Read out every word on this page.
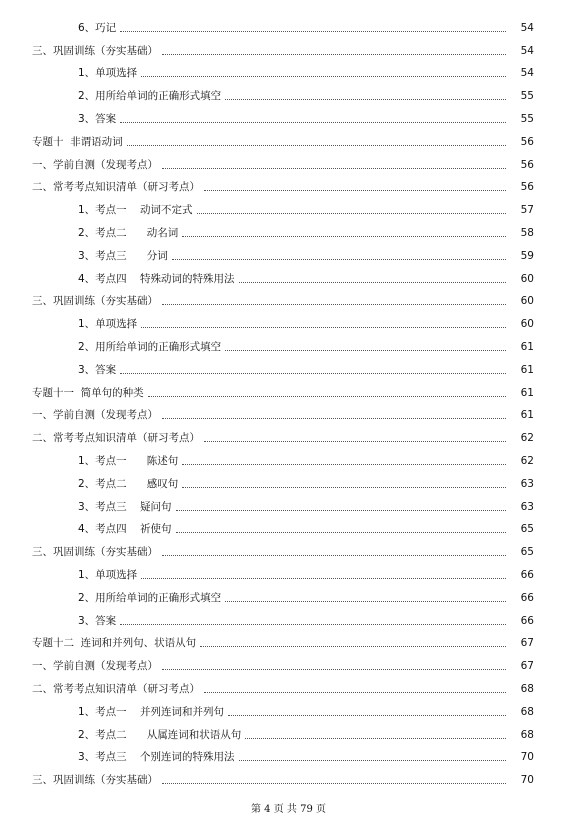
6、巧记	54
三、巩固训练（夯实基础）	54
1、单项选择	54
2、用所给单词的正确形式填空	55
3、答案	55
专题十  非谓语动词	56
一、学前自测（发现考点）	56
二、常考考点知识清单（研习考点）	56
1、考点一    动词不定式	57
2、考点二      动名词	58
3、考点三      分词	59
4、考点四    特殊动词的特殊用法	60
三、巩固训练（夯实基础）	60
1、单项选择	60
2、用所给单词的正确形式填空	61
3、答案	61
专题十一  简单句的种类	61
一、学前自测（发现考点）	61
二、常考考点知识清单（研习考点）	62
1、考点一      陈述句	62
2、考点二      感叹句	63
3、考点三    疑问句	63
4、考点四    祈使句	65
三、巩固训练（夯实基础）	65
1、单项选择	66
2、用所给单词的正确形式填空	66
3、答案	66
专题十二  连词和并列句、状语从句	67
一、学前自测（发现考点）	67
二、常考考点知识清单（研习考点）	68
1、考点一    并列连词和并列句	68
2、考点二      从属连词和状语从句	68
3、考点三    个别连词的特殊用法	70
三、巩固训练（夯实基础）	70
第 4 页 共 79 页
